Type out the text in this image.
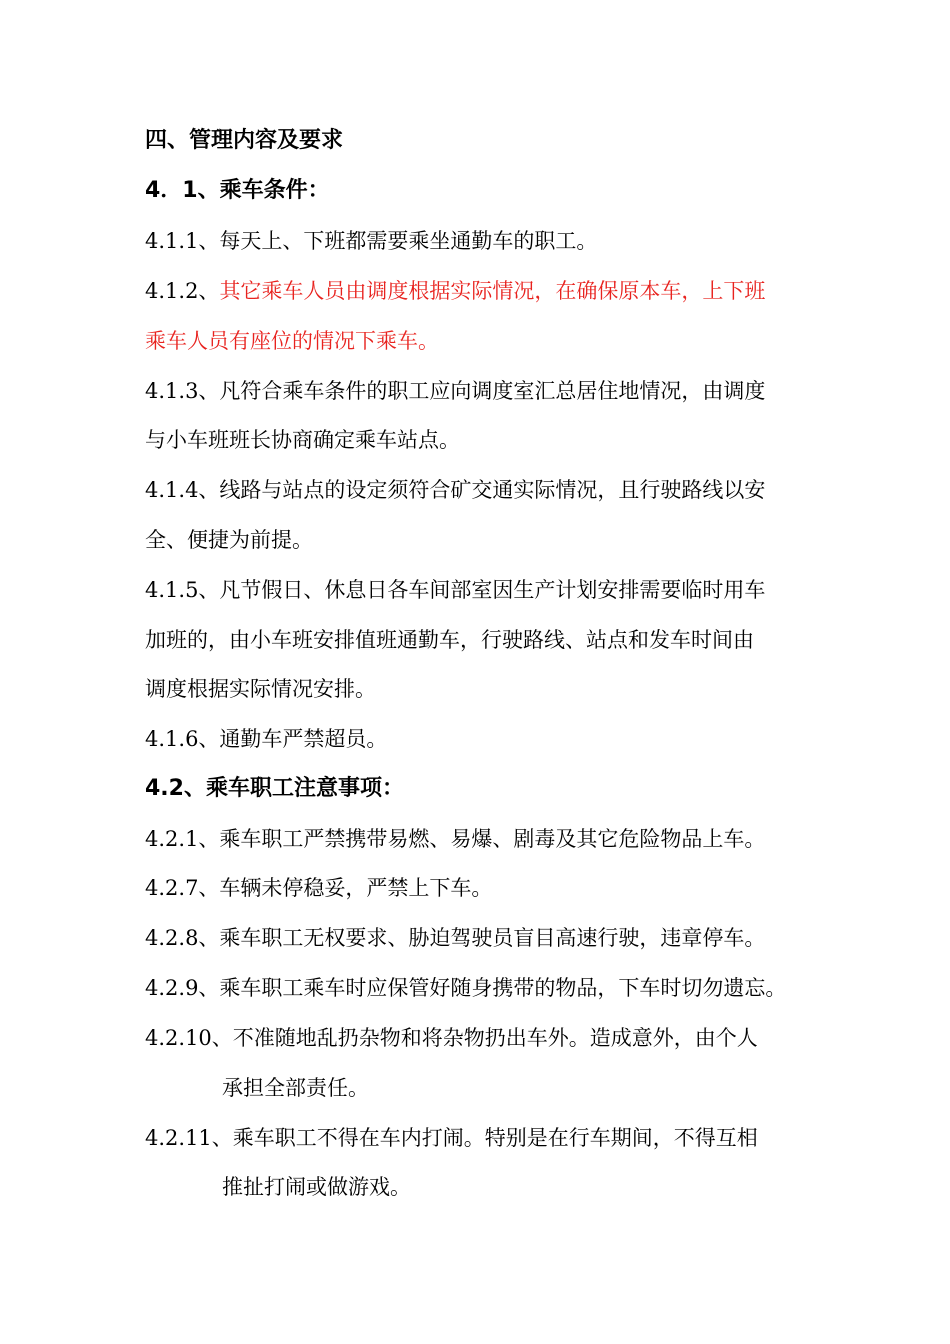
四、管理内容及要求
4．1、乘车条件：
4.1.1、每天上、下班都需要乘坐通勤车的职工。
4.1.2、其它乘车人员由调度根据实际情况，在确保原本车，上下班
乘车人员有座位的情况下乘车。
4.1.3、凡符合乘车条件的职工应向调度室汇总居住地情况，由调度
与小车班班长协商确定乘车站点。
4.1.4、线路与站点的设定须符合矿交通实际情况，且行驶路线以安
全、便捷为前提。
4.1.5、凡节假日、休息日各车间部室因生产计划安排需要临时用车
加班的，由小车班安排值班通勤车，行驶路线、站点和发车时间由
调度根据实际情况安排。
4.1.6、通勤车严禁超员。
4.2、乘车职工注意事项：
4.2.1、乘车职工严禁携带易燃、易爆、剧毒及其它危险物品上车。
4.2.7、车辆未停稳妥，严禁上下车。
4.2.8、乘车职工无权要求、胁迫驾驶员盲目高速行驶，违章停车。
4.2.9、乘车职工乘车时应保管好随身携带的物品，下车时切勿遗忘。
4.2.10、不准随地乱扔杂物和将杂物扔出车外。造成意外，由个人
承担全部责任。
4.2.11、乘车职工不得在车内打闹。特别是在行车期间，不得互相
推扯打闹或做游戏。
